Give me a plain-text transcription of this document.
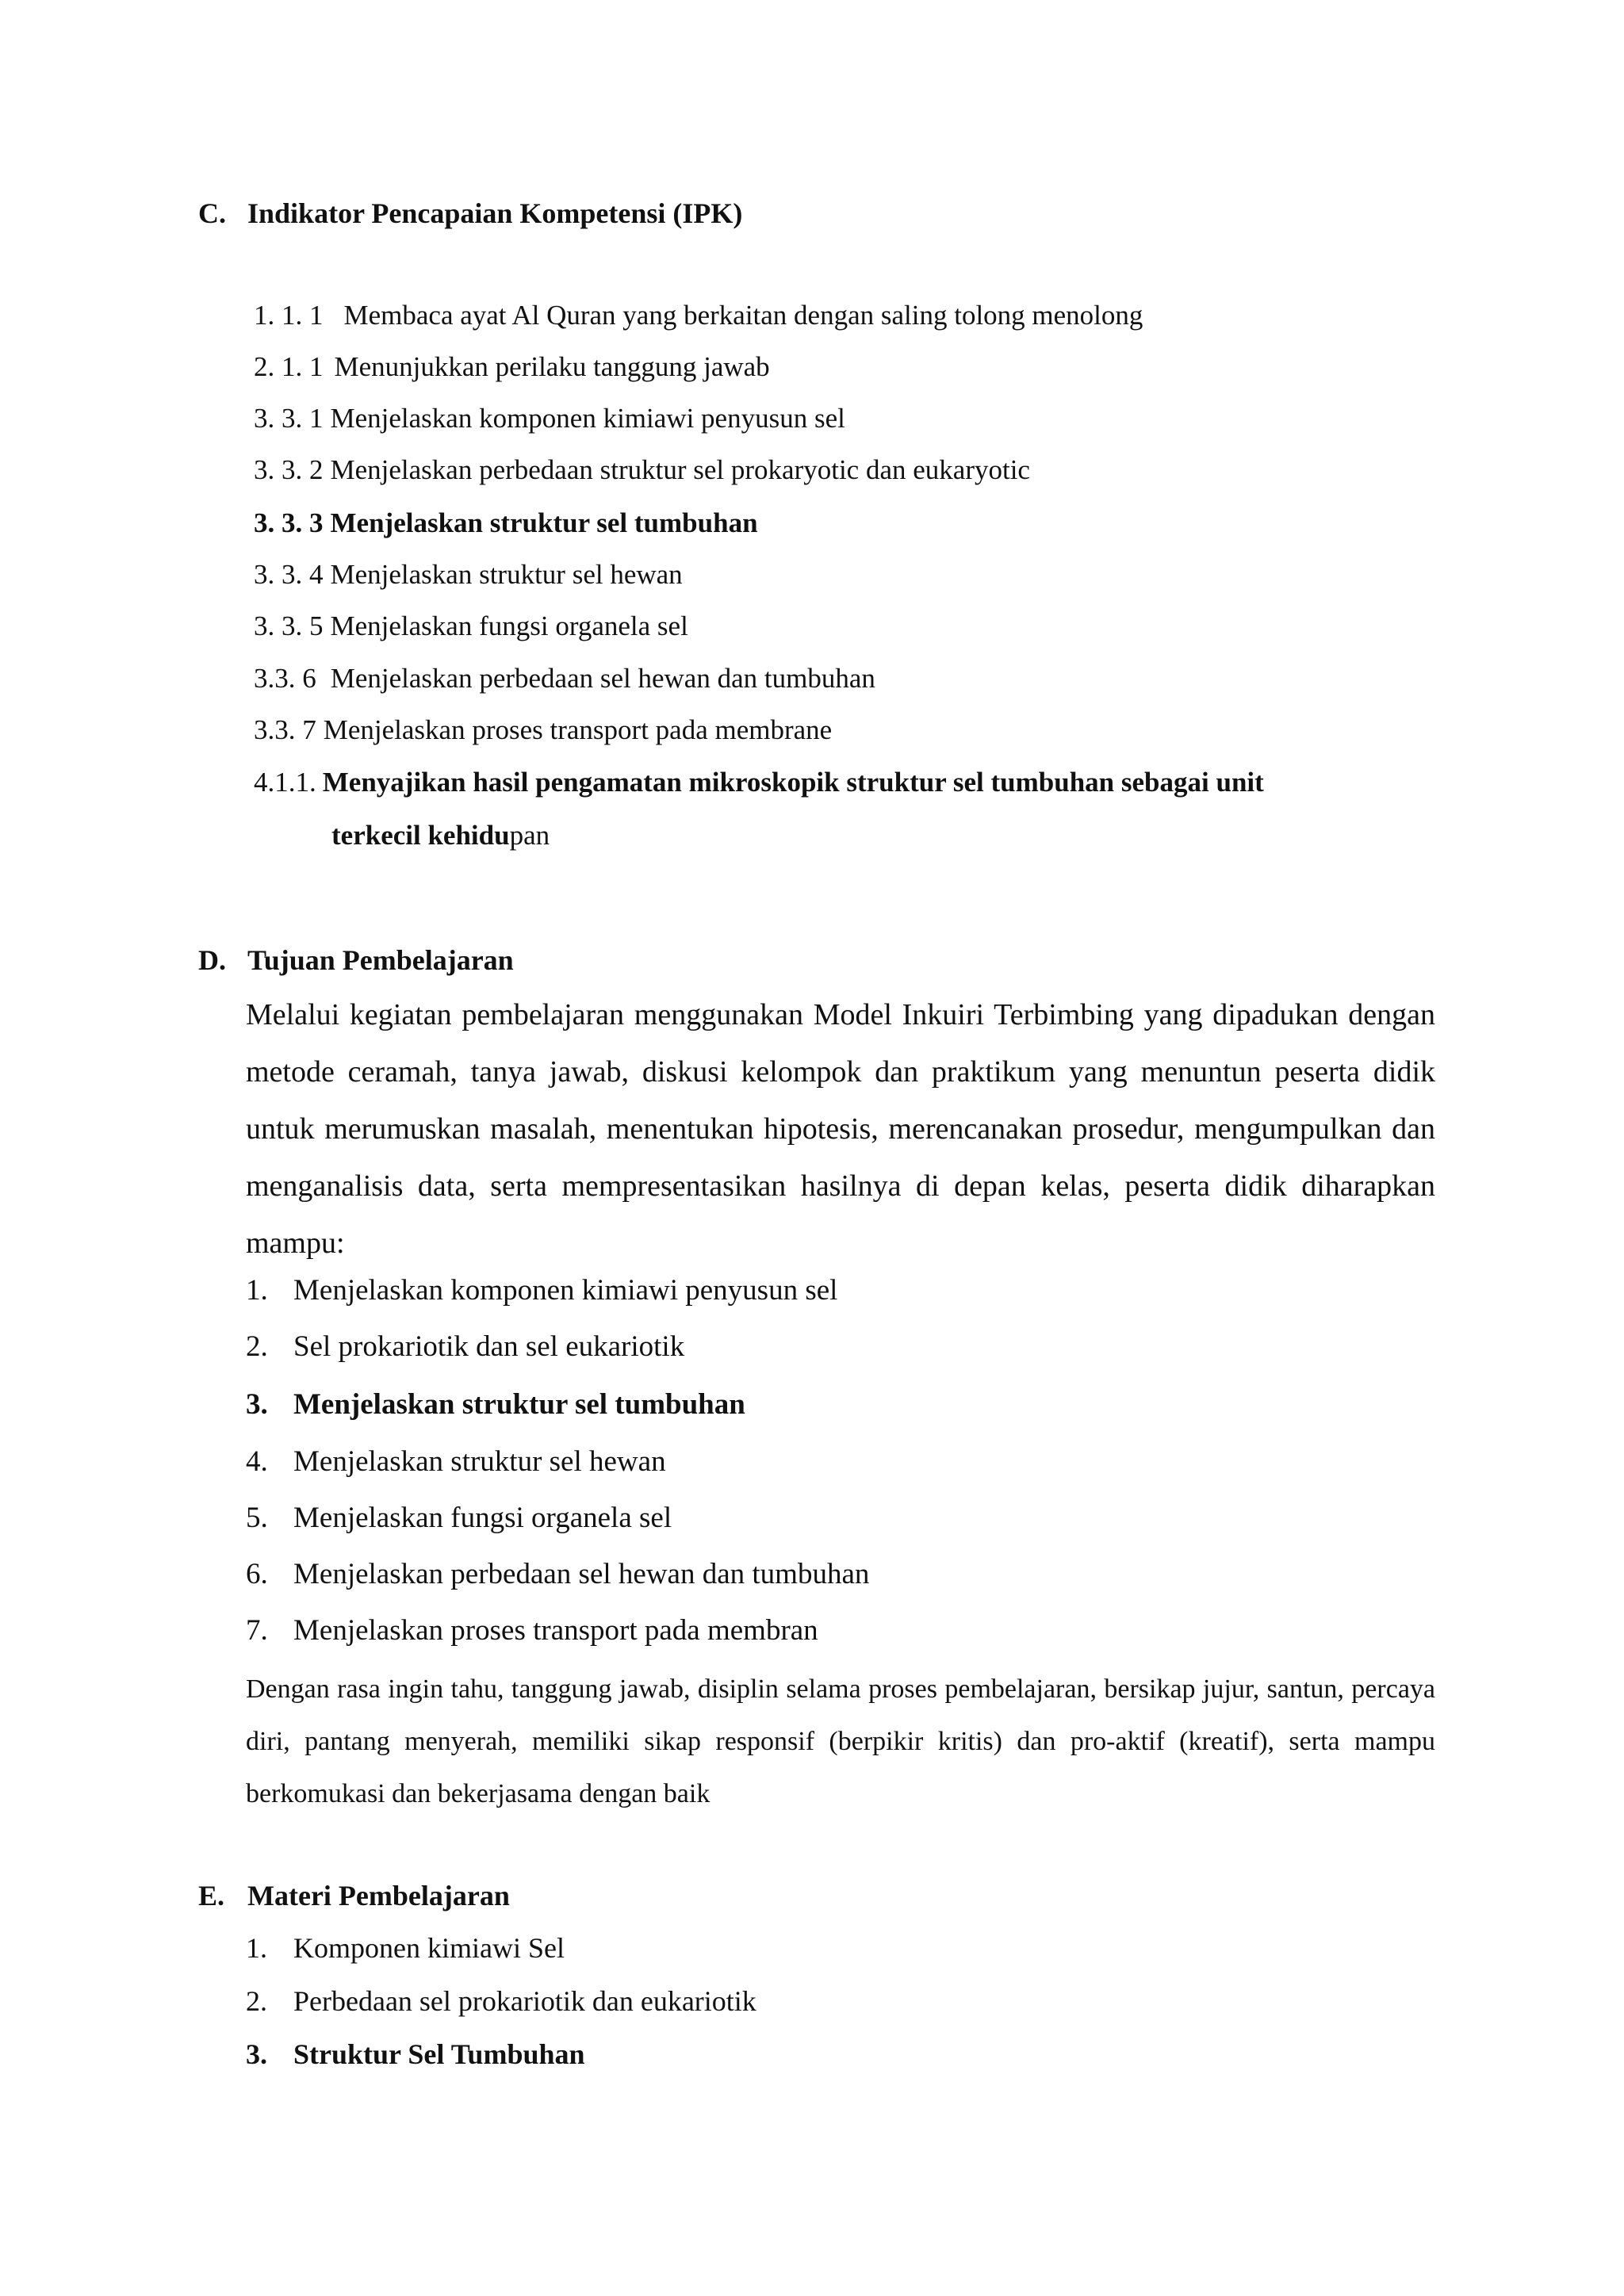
C. Indikator Pencapaian Kompetensi (IPK)
1. 1. 1 Membaca ayat Al Quran yang berkaitan dengan saling tolong menolong
2. 1. 1 Menunjukkan perilaku tanggung jawab
3. 3. 1 Menjelaskan komponen kimiawi penyusun sel
3. 3. 2 Menjelaskan perbedaan struktur sel prokaryotic dan eukaryotic
3. 3. 3 Menjelaskan struktur sel tumbuhan
3. 3. 4 Menjelaskan struktur sel hewan
3. 3. 5 Menjelaskan fungsi organela sel
3.3. 6 Menjelaskan perbedaan sel hewan dan tumbuhan
3.3. 7 Menjelaskan proses transport pada membrane
4.1.1. Menyajikan hasil pengamatan mikroskopik struktur sel tumbuhan sebagai unit
terkecil kehidupan
D. Tujuan Pembelajaran
Melalui kegiatan pembelajaran menggunakan Model Inkuiri Terbimbing yang dipadukan dengan metode ceramah, tanya jawab, diskusi kelompok dan praktikum yang menuntun peserta didik untuk merumuskan masalah, menentukan hipotesis, merencanakan prosedur, mengumpulkan dan menganalisis data, serta mempresentasikan hasilnya di depan kelas, peserta didik diharapkan mampu:
1. Menjelaskan komponen kimiawi penyusun sel
2. Sel prokariotik dan sel eukariotik
3. Menjelaskan struktur sel tumbuhan
4. Menjelaskan struktur sel hewan
5. Menjelaskan fungsi organela sel
6. Menjelaskan perbedaan sel hewan dan tumbuhan
7. Menjelaskan proses transport pada membran
Dengan rasa ingin tahu, tanggung jawab, disiplin selama proses pembelajaran, bersikap jujur, santun, percaya diri, pantang menyerah, memiliki sikap responsif (berpikir kritis) dan pro-aktif (kreatif), serta mampu berkomukasi dan bekerjasama dengan baik
E. Materi Pembelajaran
1. Komponen kimiawi Sel
2. Perbedaan sel prokariotik dan eukariotik
3. Struktur Sel Tumbuhan
